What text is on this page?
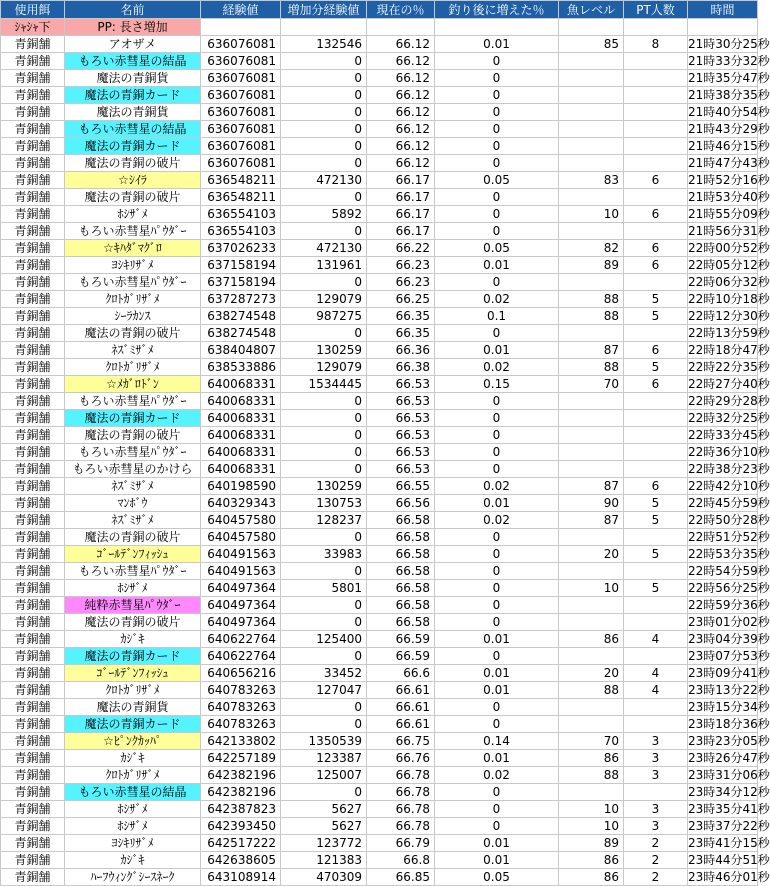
使用餌	名前	経験値	増加分経験値	現在の％	釣り後に増えた％	魚レベル	PT人数	時間
ｼｬｼｬ下	PP: 長さ増加							
青銅舗	アオザメ	636076081	132546	66.12	0.01	85	8	21時30分25秒
青銅舗	もろい赤彗星の結晶	636076081	0	66.12	0			21時33分32秒
青銅舗	魔法の青銅貨	636076081	0	66.12	0			21時35分47秒
青銅舗	魔法の青銅カード	636076081	0	66.12	0			21時38分35秒
青銅舗	魔法の青銅貨	636076081	0	66.12	0			21時40分54秒
青銅舗	もろい赤彗星の結晶	636076081	0	66.12	0			21時43分29秒
青銅舗	魔法の青銅カード	636076081	0	66.12	0			21時46分15秒
青銅舗	魔法の青銅の破片	636076081	0	66.12	0			21時47分43秒
青銅舗	☆ｼｲﾗ	636548211	472130	66.17	0.05	83	6	21時52分16秒
青銅舗	魔法の青銅の破片	636548211	0	66.17	0			21時53分40秒
青銅舗	ﾎｼｻﾞﾒ	636554103	5892	66.17	0	10	6	21時55分09秒
青銅舗	もろい赤彗星ﾊﾟｳﾀﾞｰ	636554103	0	66.17	0			21時56分31秒
青銅舗	☆ｷﾊﾀﾞﾏｸﾞﾛ	637026233	472130	66.22	0.05	82	6	22時00分52秒
青銅舗	ﾖｼｷﾘｻﾞﾒ	637158194	131961	66.23	0.01	89	6	22時05分12秒
青銅舗	もろい赤彗星ﾊﾟｳﾀﾞｰ	637158194	0	66.23	0			22時06分32秒
青銅舗	ｸﾛﾄｶﾞﾘｻﾞﾒ	637287273	129079	66.25	0.02	88	5	22時10分18秒
青銅舗	ｼｰﾗｶﾝｽ	638274548	987275	66.35	0.1	88	5	22時12分30秒
青銅舗	魔法の青銅の破片	638274548	0	66.35	0			22時13分59秒
青銅舗	ﾈｽﾞﾐｻﾞﾒ	638404807	130259	66.36	0.01	87	6	22時18分47秒
青銅舗	ｸﾛﾄｶﾞﾘｻﾞﾒ	638533886	129079	66.38	0.02	88	5	22時22分35秒
青銅舗	☆ﾒｶﾞﾛﾄﾞﾝ	640068331	1534445	66.53	0.15	70	6	22時27分40秒
青銅舗	もろい赤彗星ﾊﾟｳﾀﾞｰ	640068331	0	66.53	0			22時29分28秒
青銅舗	魔法の青銅カード	640068331	0	66.53	0			22時32分25秒
青銅舗	魔法の青銅の破片	640068331	0	66.53	0			22時33分45秒
青銅舗	もろい赤彗星ﾊﾟｳﾀﾞｰ	640068331	0	66.53	0			22時36分10秒
青銅舗	もろい赤彗星のかけら	640068331	0	66.53	0			22時38分23秒
青銅舗	ﾈｽﾞﾐｻﾞﾒ	640198590	130259	66.55	0.02	87	6	22時42分10秒
青銅舗	ﾏﾝﾎﾞｳ	640329343	130753	66.56	0.01	90	5	22時45分59秒
青銅舗	ﾈｽﾞﾐｻﾞﾒ	640457580	128237	66.58	0.02	87	5	22時50分28秒
青銅舗	魔法の青銅の破片	640457580	0	66.58	0			22時51分52秒
青銅舗	ｺﾞｰﾙﾃﾞﾝﾌｨｯｼｭ	640491563	33983	66.58	0	20	5	22時53分35秒
青銅舗	もろい赤彗星ﾊﾟｳﾀﾞｰ	640491563	0	66.58	0			22時54分59秒
青銅舗	ﾎｼｻﾞﾒ	640497364	5801	66.58	0	10	5	22時56分25秒
青銅舗	純粋赤彗星ﾊﾟｳﾀﾞｰ	640497364	0	66.58	0			22時59分36秒
青銅舗	魔法の青銅の破片	640497364	0	66.58	0			23時01分02秒
青銅舗	ｶｼﾞｷ	640622764	125400	66.59	0.01	86	4	23時04分39秒
青銅舗	魔法の青銅カード	640622764	0	66.59	0			23時07分53秒
青銅舗	ｺﾞｰﾙﾃﾞﾝﾌｨｯｼｭ	640656216	33452	66.6	0.01	20	4	23時09分41秒
青銅舗	ｸﾛﾄｶﾞﾘｻﾞﾒ	640783263	127047	66.61	0.01	88	4	23時13分22秒
青銅舗	魔法の青銅貨	640783263	0	66.61	0			23時15分34秒
青銅舗	魔法の青銅カード	640783263	0	66.61	0			23時18分36秒
青銅舗	☆ﾋﾟﾝｸｶｯﾊﾟ	642133802	1350539	66.75	0.14	70	3	23時23分05秒
青銅舗	ｶｼﾞｷ	642257189	123387	66.76	0.01	86	3	23時26分47秒
青銅舗	ｸﾛﾄｶﾞﾘｻﾞﾒ	642382196	125007	66.78	0.02	88	3	23時31分06秒
青銅舗	もろい赤彗星の結晶	642382196	0	66.78	0			23時34分12秒
青銅舗	ﾎｼｻﾞﾒ	642387823	5627	66.78	0	10	3	23時35分41秒
青銅舗	ﾎｼｻﾞﾒ	642393450	5627	66.78	0	10	3	23時37分22秒
青銅舗	ﾖｼｷﾘｻﾞﾒ	642517222	123772	66.79	0.01	89	2	23時41分15秒
青銅舗	ｶｼﾞｷ	642638605	121383	66.8	0.01	86	2	23時44分51秒
青銅舗	ﾊｰﾌｳｨﾝｸﾞｼｰｽﾈｰｸ	643108914	470309	66.85	0.05	86	2	23時46分01秒
